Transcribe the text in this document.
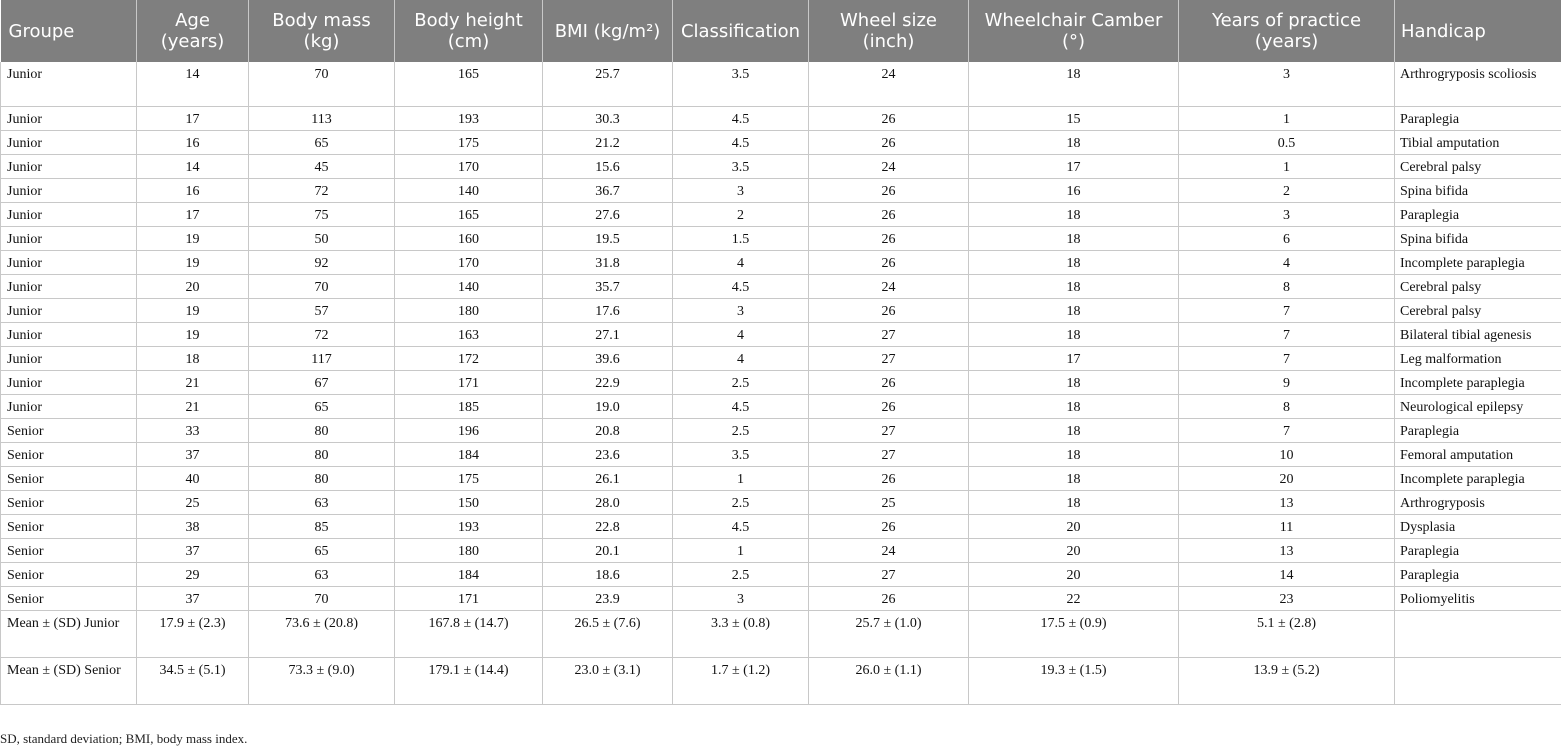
Groupe	Age (years)	Body mass (kg)	Body height (cm)	BMI (kg/m²)	Classification	Wheel size (inch)	Wheelchair Camber (°)	Years of practice (years)	Handicap
Junior	14	70	165	25.7	3.5	24	18	3	Arthrogryposis scoliosis
Junior	17	113	193	30.3	4.5	26	15	1	Paraplegia
Junior	16	65	175	21.2	4.5	26	18	0.5	Tibial amputation
Junior	14	45	170	15.6	3.5	24	17	1	Cerebral palsy
Junior	16	72	140	36.7	3	26	16	2	Spina bifida
Junior	17	75	165	27.6	2	26	18	3	Paraplegia
Junior	19	50	160	19.5	1.5	26	18	6	Spina bifida
Junior	19	92	170	31.8	4	26	18	4	Incomplete paraplegia
Junior	20	70	140	35.7	4.5	24	18	8	Cerebral palsy
Junior	19	57	180	17.6	3	26	18	7	Cerebral palsy
Junior	19	72	163	27.1	4	27	18	7	Bilateral tibial agenesis
Junior	18	117	172	39.6	4	27	17	7	Leg malformation
Junior	21	67	171	22.9	2.5	26	18	9	Incomplete paraplegia
Junior	21	65	185	19.0	4.5	26	18	8	Neurological epilepsy
Senior	33	80	196	20.8	2.5	27	18	7	Paraplegia
Senior	37	80	184	23.6	3.5	27	18	10	Femoral amputation
Senior	40	80	175	26.1	1	26	18	20	Incomplete paraplegia
Senior	25	63	150	28.0	2.5	25	18	13	Arthrogryposis
Senior	38	85	193	22.8	4.5	26	20	11	Dysplasia
Senior	37	65	180	20.1	1	24	20	13	Paraplegia
Senior	29	63	184	18.6	2.5	27	20	14	Paraplegia
Senior	37	70	171	23.9	3	26	22	23	Poliomyelitis
Mean ± (SD) Junior	17.9 ± (2.3)	73.6 ± (20.8)	167.8 ± (14.7)	26.5 ± (7.6)	3.3 ± (0.8)	25.7 ± (1.0)	17.5 ± (0.9)	5.1 ± (2.8)	
Mean ± (SD) Senior	34.5 ± (5.1)	73.3 ± (9.0)	179.1 ± (14.4)	23.0 ± (3.1)	1.7 ± (1.2)	26.0 ± (1.1)	19.3 ± (1.5)	13.9 ± (5.2)	
SD, standard deviation; BMI, body mass index.
